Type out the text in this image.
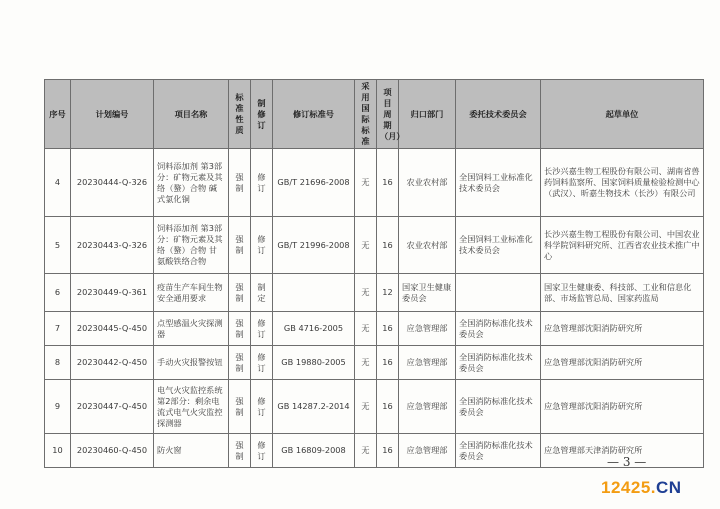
序号	计划编号	项目名称	标准性质	制修订	修订标准号	采用国际标准	项目周期（月）	归口部门	委托技术委员会	起草单位
4	20230444-Q-326	饲料添加剂 第3部分：矿物元素及其络（螯）合物 碱式氯化铜	强制	修订	GB/T 21696-2008	无	16	农业农村部	全国饲料工业标准化技术委员会	长沙兴嘉生物工程股份有限公司、湖南省兽药饲料监察所、国家饲料质量检验检测中心（武汉）、昕嘉生物技术（长沙）有限公司
5	20230443-Q-326	饲料添加剂 第3部分：矿物元素及其络（螯）合物 甘氨酸铁络合物	强制	修订	GB/T 21996-2008	无	16	农业农村部	全国饲料工业标准化技术委员会	长沙兴嘉生物工程股份有限公司、中国农业科学院饲料研究所、江西省农业技术推广中心
6	20230449-Q-361	疫苗生产车间生物安全通用要求	强制	制定		无	12	国家卫生健康委员会		国家卫生健康委、科技部、工业和信息化部、市场监管总局、国家药监局
7	20230445-Q-450	点型感温火灾探测器	强制	修订	GB 4716-2005	无	16	应急管理部	全国消防标准化技术委员会	应急管理部沈阳消防研究所
8	20230442-Q-450	手动火灾报警按钮	强制	修订	GB 19880-2005	无	16	应急管理部	全国消防标准化技术委员会	应急管理部沈阳消防研究所
9	20230447-Q-450	电气火灾监控系统 第2部分：剩余电流式电气火灾监控探测器	强制	修订	GB 14287.2-2014	无	16	应急管理部	全国消防标准化技术委员会	应急管理部沈阳消防研究所
10	20230460-Q-450	防火窗	强制	修订	GB 16809-2008	无	16	应急管理部	全国消防标准化技术委员会	应急管理部天津消防研究所
— 3 —
12425.CN
